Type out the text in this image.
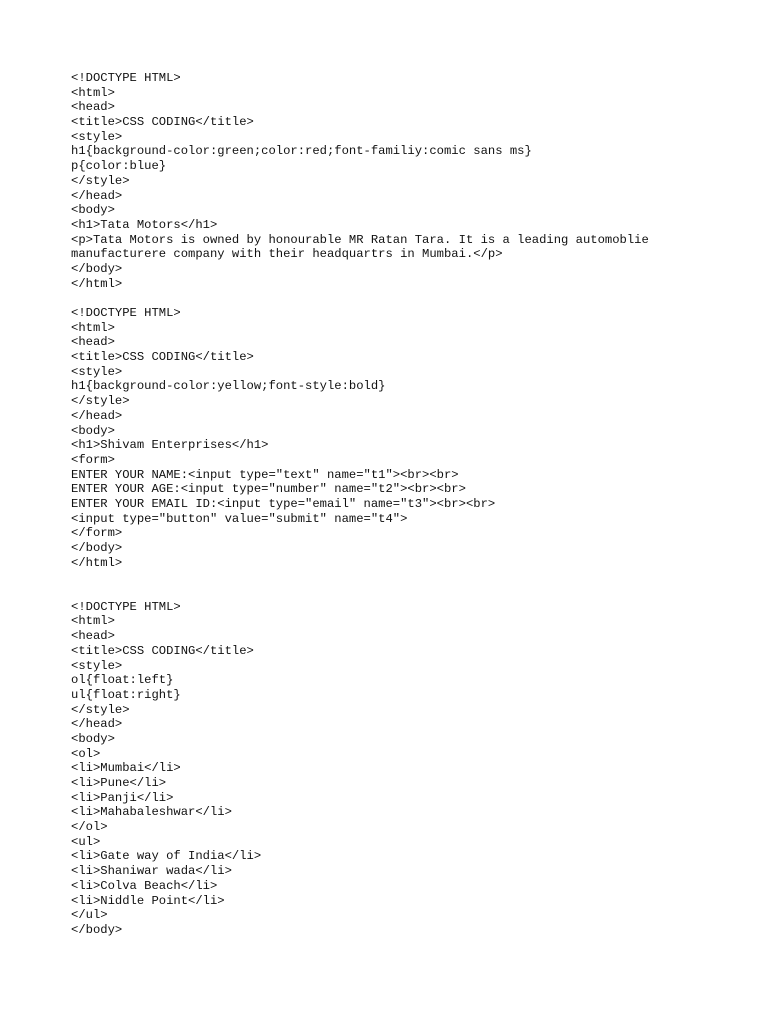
<!DOCTYPE HTML>
<html>
<head>
<title>CSS CODING</title>
<style>
h1{background-color:green;color:red;font-familiy:comic sans ms}
p{color:blue}
</style>
</head>
<body>
<h1>Tata Motors</h1>
<p>Tata Motors is owned by honourable MR Ratan Tara. It is a leading automoblie
manufacturere company with their headquartrs in Mumbai.</p>
</body>
</html>
<!DOCTYPE HTML>
<html>
<head>
<title>CSS CODING</title>
<style>
h1{background-color:yellow;font-style:bold}
</style>
</head>
<body>
<h1>Shivam Enterprises</h1>
<form>
ENTER YOUR NAME:<input type="text" name="t1"><br><br>
ENTER YOUR AGE:<input type="number" name="t2"><br><br>
ENTER YOUR EMAIL ID:<input type="email" name="t3"><br><br>
<input type="button" value="submit" name="t4">
</form>
</body>
</html>
<!DOCTYPE HTML>
<html>
<head>
<title>CSS CODING</title>
<style>
ol{float:left}
ul{float:right}
</style>
</head>
<body>
<ol>
<li>Mumbai</li>
<li>Pune</li>
<li>Panji</li>
<li>Mahabaleshwar</li>
</ol>
<ul>
<li>Gate way of India</li>
<li>Shaniwar wada</li>
<li>Colva Beach</li>
<li>Niddle Point</li>
</ul>
</body>
